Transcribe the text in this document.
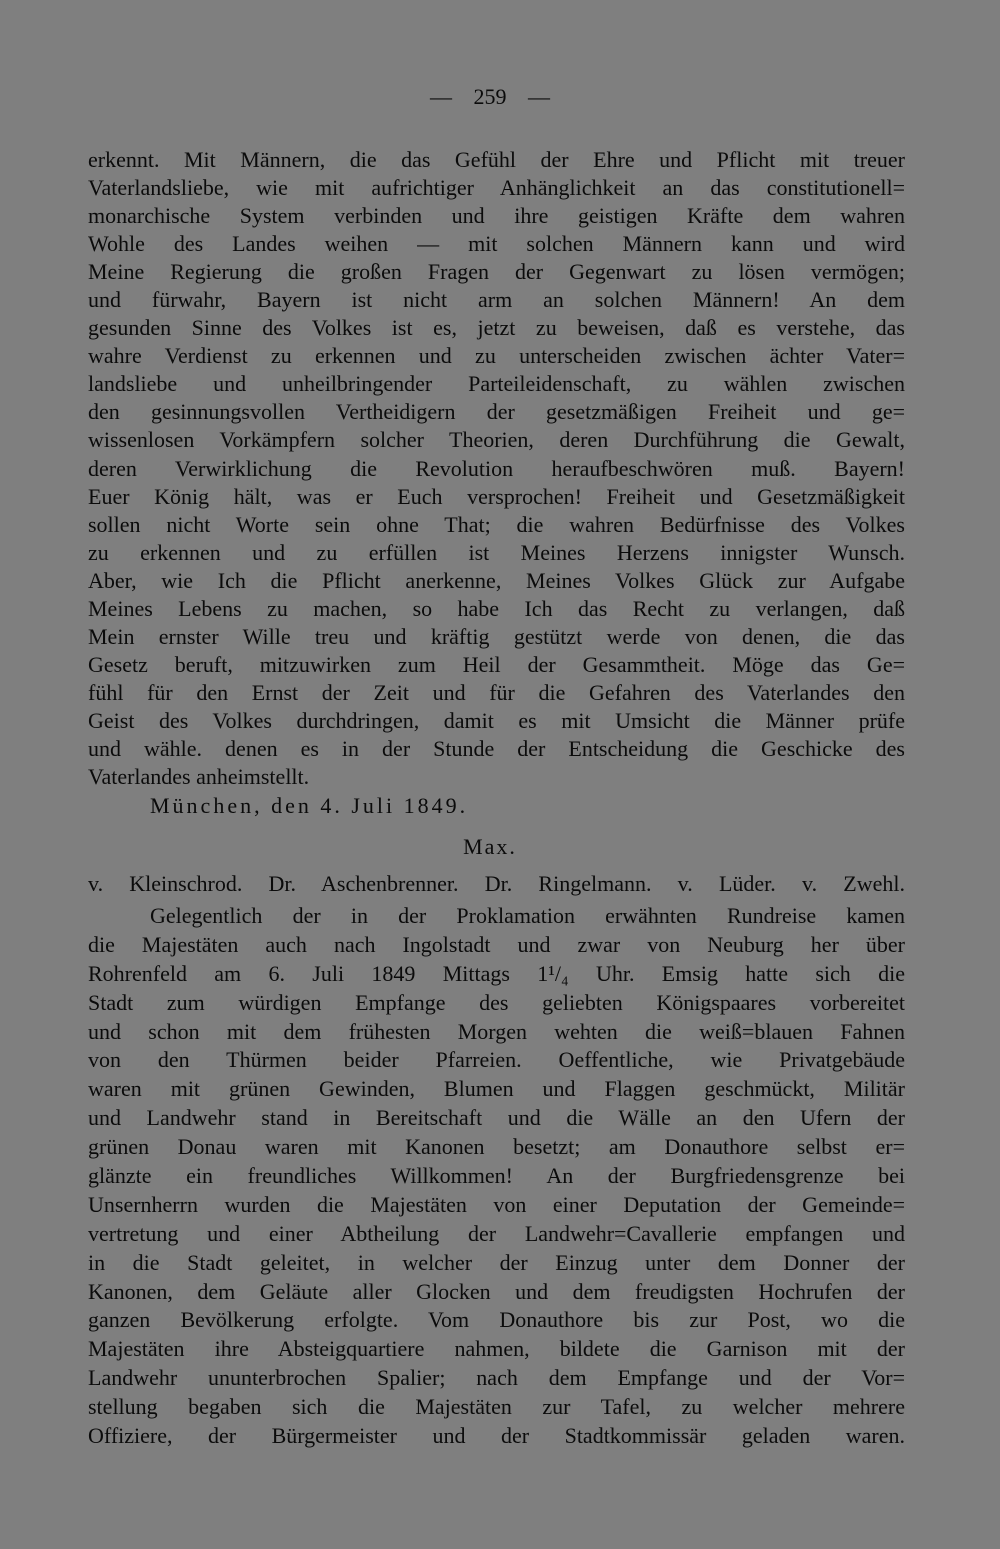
— 259 —
erkennt. Mit Männern, die das Gefühl der Ehre und Pflicht mit treuer
Vaterlandsliebe, wie mit aufrichtiger Anhänglichkeit an das constitutionell=
monarchische System verbinden und ihre geistigen Kräfte dem wahren
Wohle des Landes weihen — mit solchen Männern kann und wird
Meine Regierung die großen Fragen der Gegenwart zu lösen vermögen;
und fürwahr, Bayern ist nicht arm an solchen Männern! An dem
gesunden Sinne des Volkes ist es, jetzt zu beweisen, daß es verstehe, das
wahre Verdienst zu erkennen und zu unterscheiden zwischen ächter Vater=
landsliebe und unheilbringender Parteileidenschaft, zu wählen zwischen
den gesinnungsvollen Vertheidigern der gesetzmäßigen Freiheit und ge=
wissenlosen Vorkämpfern solcher Theorien, deren Durchführung die Gewalt,
deren Verwirklichung die Revolution heraufbeschwören muß. Bayern!
Euer König hält, was er Euch versprochen! Freiheit und Gesetzmäßigkeit
sollen nicht Worte sein ohne That; die wahren Bedürfnisse des Volkes
zu erkennen und zu erfüllen ist Meines Herzens innigster Wunsch.
Aber, wie Ich die Pflicht anerkenne, Meines Volkes Glück zur Aufgabe
Meines Lebens zu machen, so habe Ich das Recht zu verlangen, daß
Mein ernster Wille treu und kräftig gestützt werde von denen, die das
Gesetz beruft, mitzuwirken zum Heil der Gesammtheit. Möge das Ge=
fühl für den Ernst der Zeit und für die Gefahren des Vaterlandes den
Geist des Volkes durchdringen, damit es mit Umsicht die Männer prüfe
und wähle. denen es in der Stunde der Entscheidung die Geschicke des
Vaterlandes anheimstellt.
München, den 4. Juli 1849.
Max.
v. Kleinschrod. Dr. Aschenbrenner. Dr. Ringelmann. v. Lüder. v. Zwehl.
Gelegentlich der in der Proklamation erwähnten Rundreise kamen
die Majestäten auch nach Ingolstadt und zwar von Neuburg her über
Rohrenfeld am 6. Juli 1849 Mittags 1¹/₄ Uhr. Emsig hatte sich die
Stadt zum würdigen Empfange des geliebten Königspaares vorbereitet
und schon mit dem frühesten Morgen wehten die weiß=blauen Fahnen
von den Thürmen beider Pfarreien. Oeffentliche, wie Privatgebäude
waren mit grünen Gewinden, Blumen und Flaggen geschmückt, Militär
und Landwehr stand in Bereitschaft und die Wälle an den Ufern der
grünen Donau waren mit Kanonen besetzt; am Donauthore selbst er=
glänzte ein freundliches Willkommen! An der Burgfriedensgrenze bei
Unsernherrn wurden die Majestäten von einer Deputation der Gemeinde=
vertretung und einer Abtheilung der Landwehr=Cavallerie empfangen und
in die Stadt geleitet, in welcher der Einzug unter dem Donner der
Kanonen, dem Geläute aller Glocken und dem freudigsten Hochrufen der
ganzen Bevölkerung erfolgte. Vom Donauthore bis zur Post, wo die
Majestäten ihre Absteigquartiere nahmen, bildete die Garnison mit der
Landwehr ununterbrochen Spalier; nach dem Empfange und der Vor=
stellung begaben sich die Majestäten zur Tafel, zu welcher mehrere
Offiziere, der Bürgermeister und der Stadtkommissär geladen waren.
